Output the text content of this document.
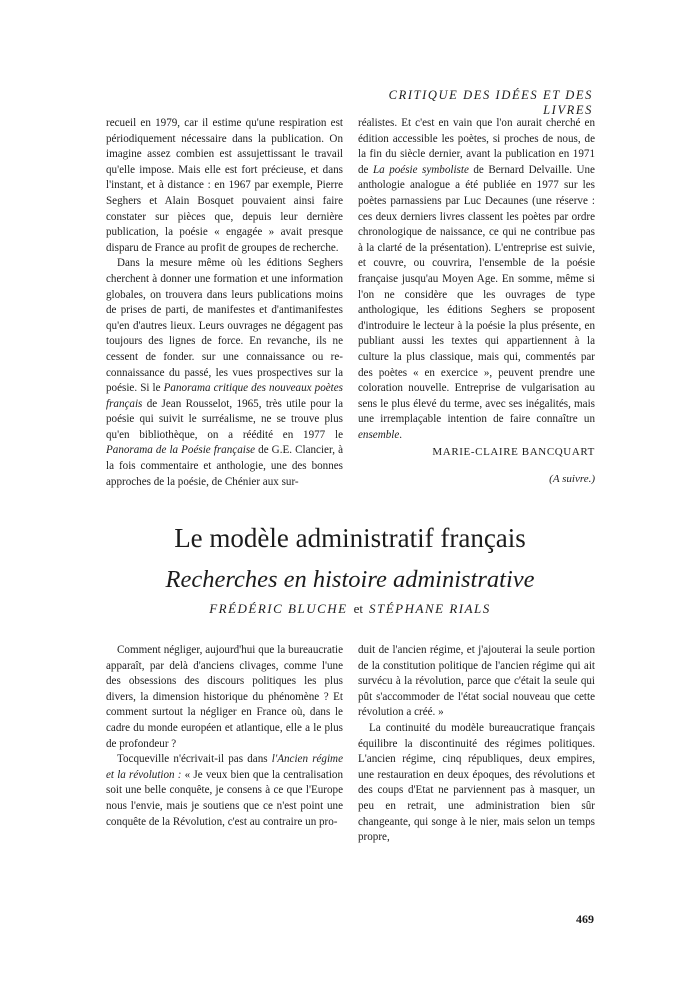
CRITIQUE DES IDÉES ET DES LIVRES

recueil en 1979, car il estime qu'une respiration est périodiquement nécessaire dans la publication. On imagine assez combien est assujettissant le travail qu'elle impose. Mais elle est fort précieuse, et dans l'instant, et à distance : en 1967 par exemple, Pierre Seghers et Alain Bosquet pouvaient ainsi faire constater sur pièces que, depuis leur dernière publication, la poésie « engagée » avait presque disparu de France au profit de groupes de recherche.

Dans la mesure même où les éditions Seghers cherchent à donner une formation et une information globales, on trouvera dans leurs publications moins de prises de parti, de manifestes et d'antimanifestes qu'en d'autres lieux. Leurs ouvrages ne dégagent pas toujours des lignes de force. En revanche, ils ne cessent de fonder. sur une connaissance ou re-connaissance du passé, les vues prospectives sur la poésie. Si le Panorama critique des nouveaux poètes français de Jean Rousselot, 1965, très utile pour la poésie qui suivit le surréalisme, ne se trouve plus qu'en bibliothèque, on a réédité en 1977 le Panorama de la Poésie française de G.E. Clancier, à la fois commentaire et anthologie, une des bonnes approches de la poésie, de Chénier aux sur-

réalistes. Et c'est en vain que l'on aurait cherché en édition accessible les poètes, si proches de nous, de la fin du siècle dernier, avant la publication en 1971 de La poésie symboliste de Bernard Delvaille. Une anthologie analogue a été publiée en 1977 sur les poètes parnassiens par Luc Decaunes (une réserve : ces deux derniers livres classent les poètes par ordre chronologique de naissance, ce qui ne contribue pas à la clarté de la présentation). L'entreprise est suivie, et couvre, ou couvrira, l'ensemble de la poésie française jusqu'au Moyen Age. En somme, même si l'on ne considère que les ouvrages de type anthologique, les éditions Seghers se proposent d'introduire le lecteur à la poésie la plus présente, en publiant aussi les textes qui appartiennent à la culture la plus classique, mais qui, commentés par des poètes « en exercice », peuvent prendre une coloration nouvelle. Entreprise de vulgarisation au sens le plus élevé du terme, avec ses inégalités, mais une irremplaçable intention de faire connaître un ensemble.

MARIE-CLAIRE BANCQUART
(A suivre.)
Le modèle administratif français
Recherches en histoire administrative
FRÉDÉRIC BLUCHE et STÉPHANE RIALS

Comment négliger, aujourd'hui que la bureaucratie apparaît, par delà d'anciens clivages, comme l'une des obsessions des discours politiques les plus divers, la dimension historique du phénomène ? Et comment surtout la négliger en France où, dans le cadre du monde européen et atlantique, elle a le plus de profondeur ?

Tocqueville n'écrivait-il pas dans l'Ancien régime et la révolution : « Je veux bien que la centralisation soit une belle conquête, je consens à ce que l'Europe nous l'envie, mais je soutiens que ce n'est point une conquête de la Révolution, c'est au contraire un pro-

duit de l'ancien régime, et j'ajouterai la seule portion de la constitution politique de l'ancien régime qui ait survécu à la révolution, parce que c'était la seule qui pût s'accommoder de l'état social nouveau que cette révolution a créé. »

La continuité du modèle bureaucratique français équilibre la discontinuité des régimes politiques. L'ancien régime, cinq républiques, deux empires, une restauration en deux époques, des révolutions et des coups d'Etat ne parviennent pas à masquer, un peu en retrait, une administration bien sûr changeante, qui songe à le nier, mais selon un temps propre,

469
